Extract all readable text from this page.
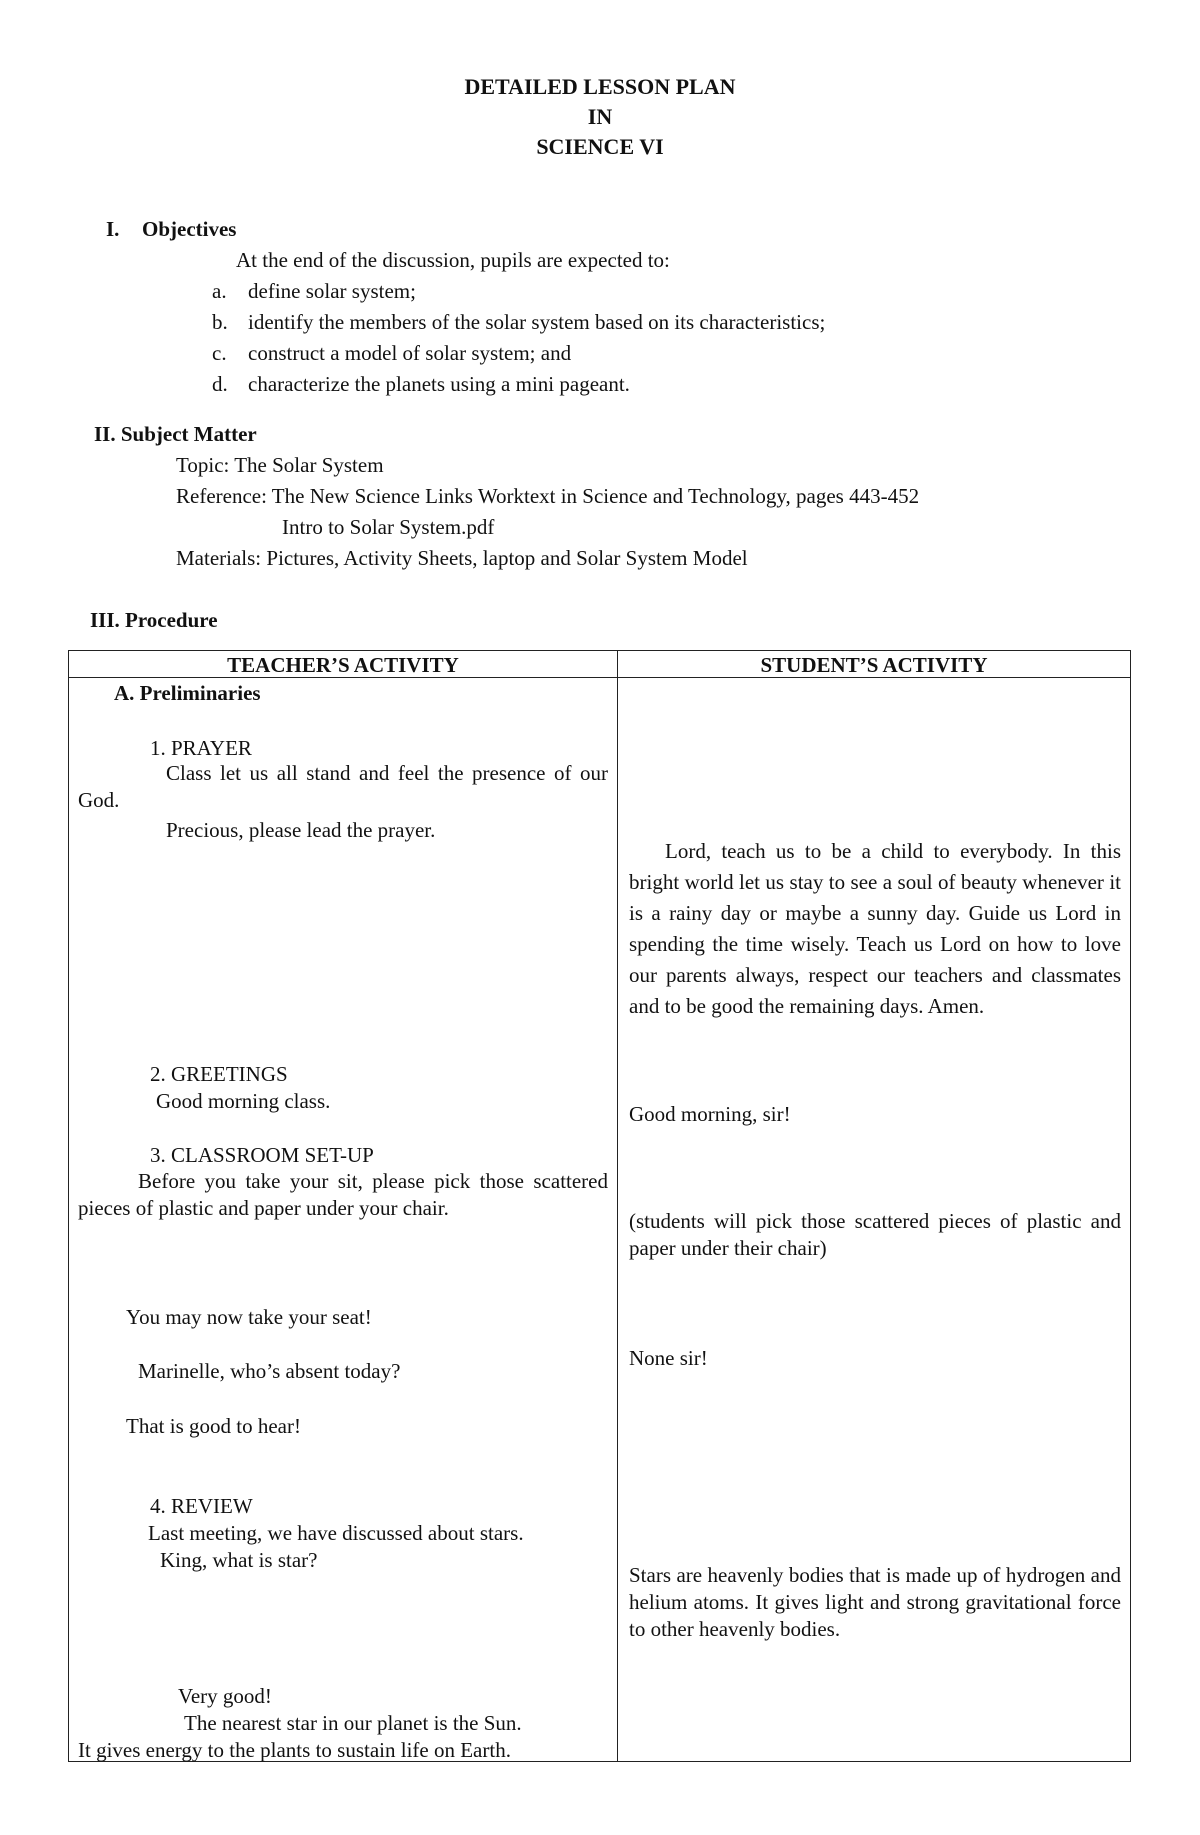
DETAILED LESSON PLAN
IN
SCIENCE VI
I. Objectives
At the end of the discussion, pupils are expected to:
a. define solar system;
b. identify the members of the solar system based on its characteristics;
c. construct a model of solar system; and
d. characterize the planets using a mini pageant.
II. Subject Matter
Topic: The Solar System
Reference: The New Science Links Worktext in Science and Technology, pages 443-452
Intro to Solar System.pdf
Materials: Pictures, Activity Sheets, laptop and Solar System Model
III. Procedure
TEACHER’S ACTIVITY	STUDENT’S ACTIVITY
A. Preliminaries
1. PRAYER
Class let us all stand and feel the presence of our God.
Precious, please lead the prayer.
2. GREETINGS
Good morning class.
3. CLASSROOM SET-UP
Before you take your sit, please pick those scattered pieces of plastic and paper under your chair.
You may now take your seat!
Marinelle, who’s absent today?
That is good to hear!
4. REVIEW
Last meeting, we have discussed about stars.
King, what is star?
Very good!
The nearest star in our planet is the Sun.
It gives energy to the plants to sustain life on Earth.
Lord, teach us to be a child to everybody. In this bright world let us stay to see a soul of beauty whenever it is a rainy day or maybe a sunny day. Guide us Lord in spending the time wisely. Teach us Lord on how to love our parents always, respect our teachers and classmates and to be good the remaining days. Amen.
Good morning, sir!
(students will pick those scattered pieces of plastic and paper under their chair)
None sir!
Stars are heavenly bodies that is made up of hydrogen and helium atoms. It gives light and strong gravitational force to other heavenly bodies.
